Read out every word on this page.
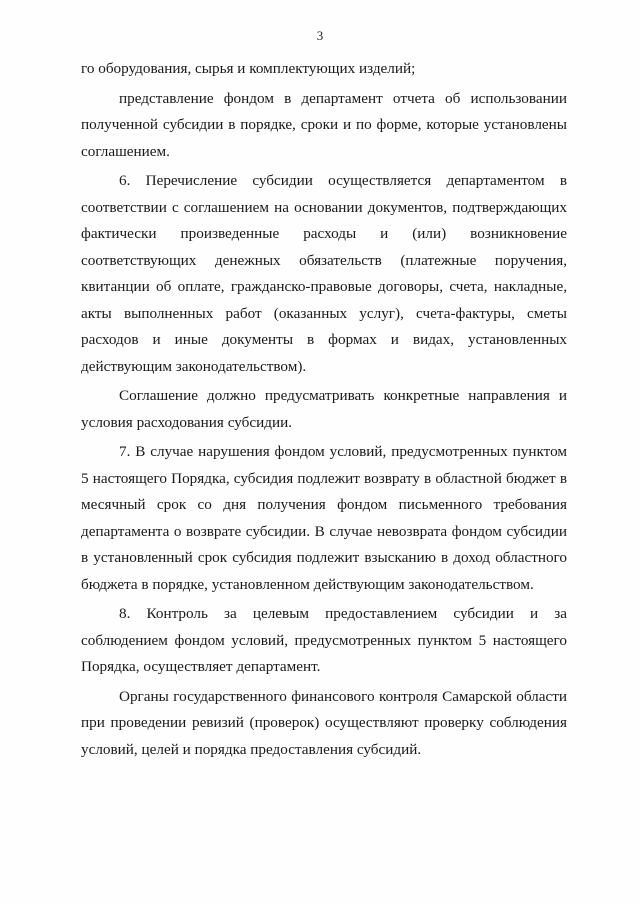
3

го оборудования, сырья и комплектующих изделий;

представление фондом в департамент отчета об использовании полученной субсидии в порядке, сроки и по форме, которые установлены соглашением.

6. Перечисление субсидии осуществляется департаментом в соответствии с соглашением на основании документов, подтверждающих фактически произведенные расходы и (или) возникновение соответствующих денежных обязательств (платежные поручения, квитанции об оплате, гражданско-правовые договоры, счета, накладные, акты выполненных работ (оказанных услуг), счета-фактуры, сметы расходов и иные документы в формах и видах, установленных действующим законодательством).

Соглашение должно предусматривать конкретные направления и условия расходования субсидии.

7. В случае нарушения фондом условий, предусмотренных пунктом 5 настоящего Порядка, субсидия подлежит возврату в областной бюджет в месячный срок со дня получения фондом письменного требования департамента о возврате субсидии. В случае невозврата фондом субсидии в установленный срок субсидия подлежит взысканию в доход областного бюджета в порядке, установленном действующим законодательством.

8. Контроль за целевым предоставлением субсидии и за соблюдением фондом условий, предусмотренных пунктом 5 настоящего Порядка, осуществляет департамент.

Органы государственного финансового контроля Самарской области при проведении ревизий (проверок) осуществляют проверку соблюдения условий, целей и порядка предоставления субсидий.
